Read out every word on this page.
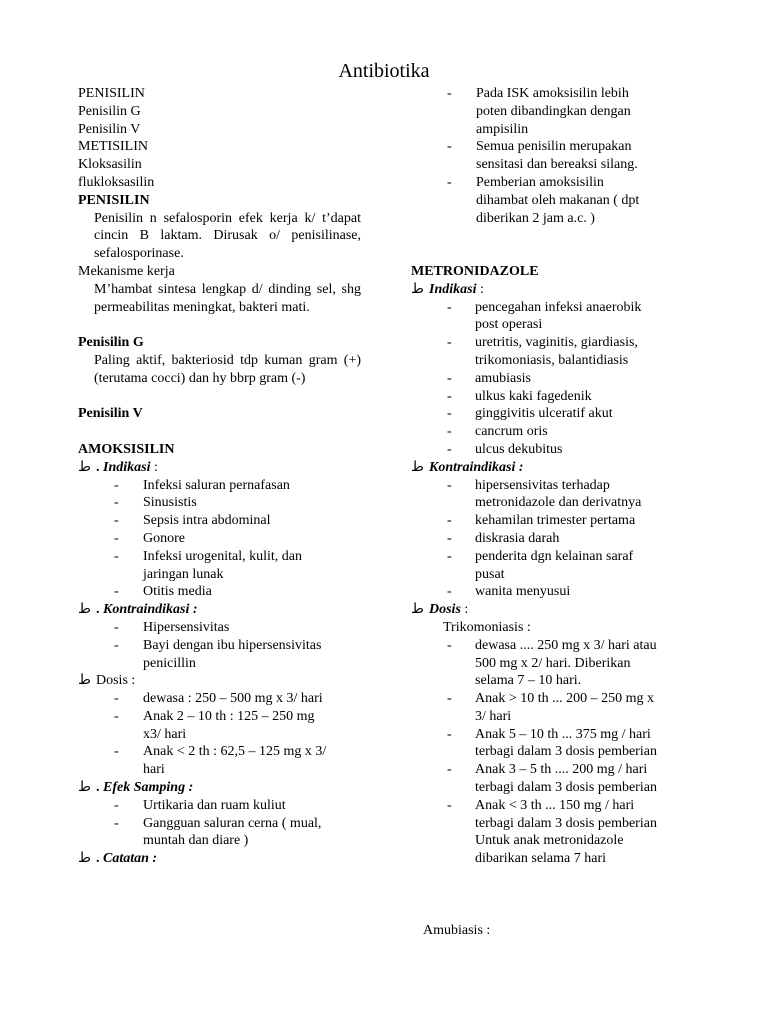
Antibiotika
PENISILIN
Penisilin G
Penisilin V
METISILIN
Kloksasilin
flukloksasilin
PENISILIN
Penisilin n sefalosporin efek kerja k/ t’dapat cincin B laktam. Dirusak o/ penisilinase, sefalosporinase.
Mekanisme kerja
M’hambat sintesa lengkap d/ dinding sel, shg permeabilitas meningkat, bakteri mati.
Penisilin G
Paling aktif, bakteriosid tdp kuman gram (+) (terutama cocci) dan hy bbrp gram (-)
Penisilin V
AMOKSISILIN
ط . Indikasi :
- Infeksi saluran pernafasan
- Sinusistis
- Sepsis intra abdominal
- Gonore
- Infeksi urogenital, kulit, dan
jaringan lunak
- Otitis media
ط . Kontraindikasi :
- Hipersensivitas
- Bayi dengan ibu hipersensivitas
penicillin
ط Dosis :
- dewasa : 250 – 500 mg x 3/ hari
- Anak 2 – 10 th : 125 – 250 mg
x3/ hari
- Anak < 2 th : 62,5 – 125 mg x 3/
hari
ط . Efek Samping :
- Urtikaria dan ruam kuliut
- Gangguan saluran cerna ( mual,
muntah dan diare )
ط . Catatan :
- Pada ISK amoksisilin lebih
poten dibandingkan dengan
ampisilin
- Semua penisilin merupakan
sensitasi dan bereaksi silang.
- Pemberian amoksisilin
dihambat oleh makanan ( dpt
diberikan 2 jam a.c. )
METRONIDAZOLE
ط Indikasi :
- pencegahan infeksi anaerobik
post operasi
- uretritis, vaginitis, giardiasis,
trikomoniasis, balantidiasis
- amubiasis
- ulkus kaki fagedenik
- ginggivitis ulceratif akut
- cancrum oris
- ulcus dekubitus
ط Kontraindikasi :
- hipersensivitas terhadap
metronidazole dan derivatnya
- kehamilan trimester pertama
- diskrasia darah
- penderita dgn kelainan saraf
pusat
- wanita menyusui
ط Dosis :
Trikomoniasis :
- dewasa .... 250 mg x 3/ hari atau
500 mg x 2/ hari. Diberikan
selama 7 – 10 hari.
- Anak > 10 th ... 200 – 250 mg x
3/ hari
- Anak 5 – 10 th ... 375 mg / hari
terbagi dalam 3 dosis pemberian
- Anak 3 – 5 th .... 200 mg / hari
terbagi dalam 3 dosis pemberian
- Anak < 3 th ... 150 mg / hari
terbagi dalam 3 dosis pemberian
Untuk anak metronidazole
dibarikan selama 7 hari
Amubiasis :
